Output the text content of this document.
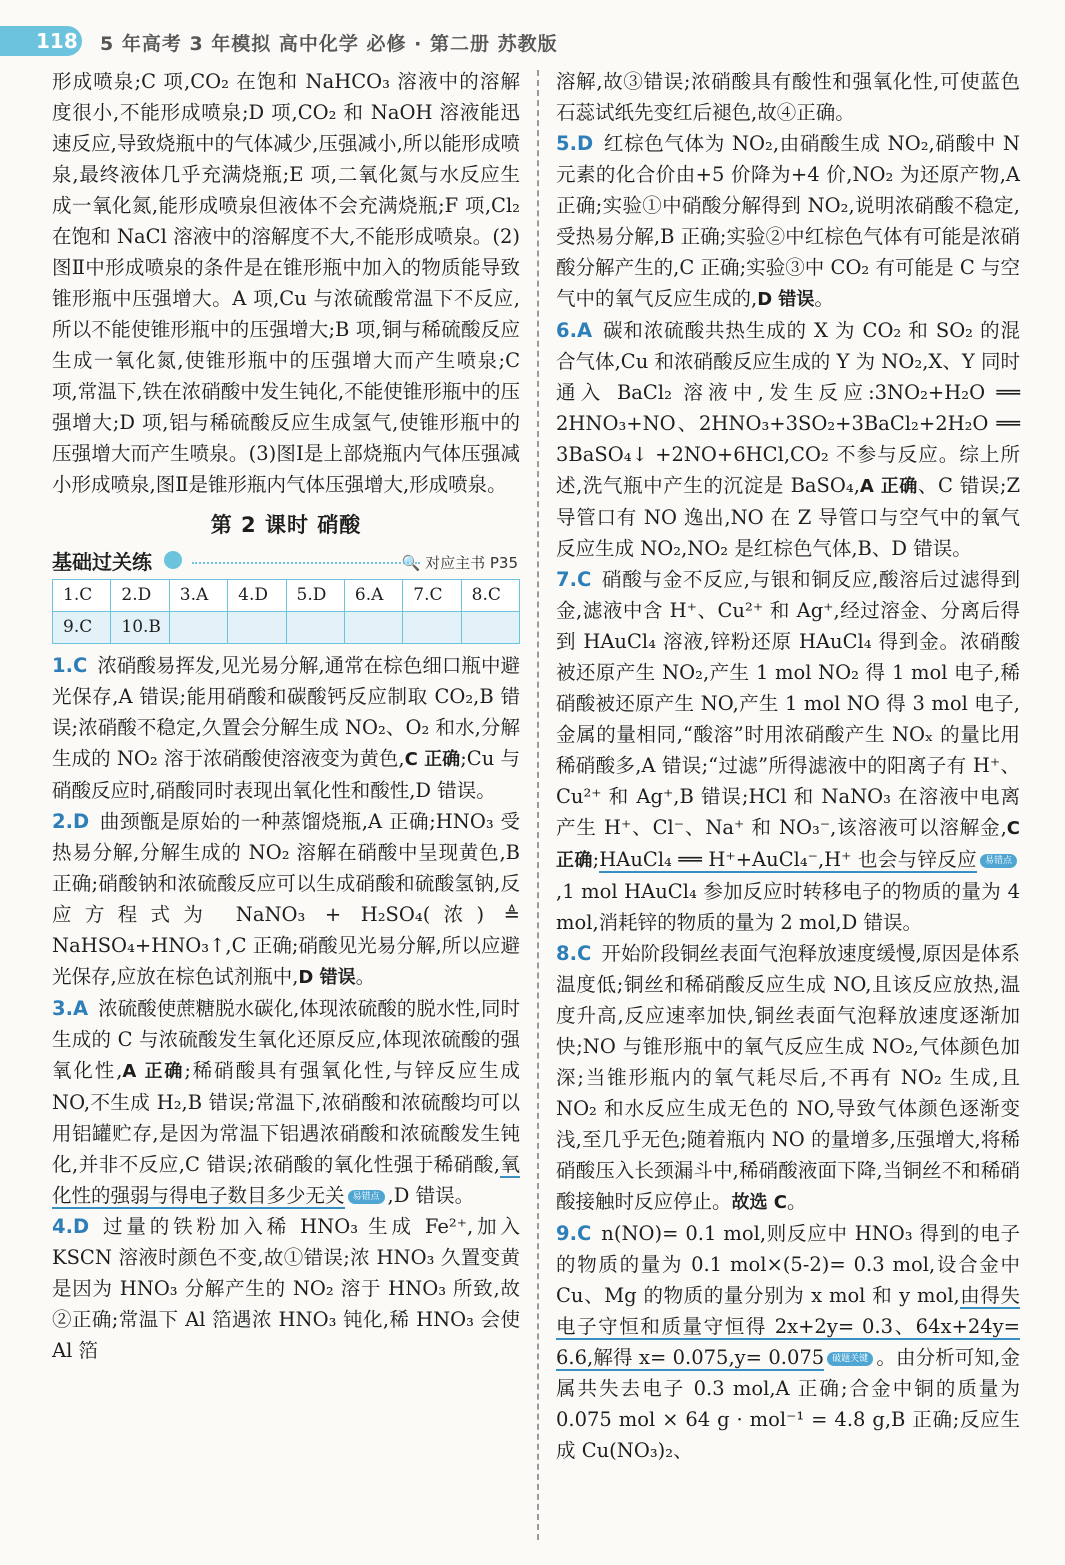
118 5 年高考 3 年模拟 高中化学 必修 · 第二册 苏教版

形成喷泉;C 项,CO₂ 在饱和 NaHCO₃ 溶液中的溶解度很小,不能形成喷泉;D 项,CO₂ 和 NaOH 溶液能迅速反应,导致烧瓶中的气体减少,压强减小,所以能形成喷泉,最终液体几乎充满烧瓶;E 项,二氧化氮与水反应生成一氧化氮,能形成喷泉但液体不会充满烧瓶;F 项,Cl₂ 在饱和 NaCl 溶液中的溶解度不大,不能形成喷泉。(2)图Ⅱ中形成喷泉的条件是在锥形瓶中加入的物质能导致锥形瓶中压强增大。A 项,Cu 与浓硫酸常温下不反应,所以不能使锥形瓶中的压强增大;B 项,铜与稀硫酸反应生成一氧化氮,使锥形瓶中的压强增大而产生喷泉;C 项,常温下,铁在浓硝酸中发生钝化,不能使锥形瓶中的压强增大;D 项,铝与稀硫酸反应生成氢气,使锥形瓶中的压强增大而产生喷泉。(3)图Ⅰ是上部烧瓶内气体压强减小形成喷泉,图Ⅱ是锥形瓶内气体压强增大,形成喷泉。

第 2 课时 硝酸
基础过关练	🔍 对应主书 P35
1.C	2.D	3.A	4.D	5.D	6.A	7.C	8.C
9.C	10.B						

1.C 浓硝酸易挥发,见光易分解,通常在棕色细口瓶中避光保存,A 错误;能用硝酸和碳酸钙反应制取 CO₂,B 错误;浓硝酸不稳定,久置会分解生成 NO₂、O₂ 和水,分解生成的 NO₂ 溶于浓硝酸使溶液变为黄色,C 正确;Cu 与硝酸反应时,硝酸同时表现出氧化性和酸性,D 错误。

2.D 曲颈甑是原始的一种蒸馏烧瓶,A 正确;HNO₃ 受热易分解,分解生成的 NO₂ 溶解在硝酸中呈现黄色,B 正确;硝酸钠和浓硫酸反应可以生成硝酸和硫酸氢钠,反应方程式为 NaNO₃ + H₂SO₄(浓) ≜ NaHSO₄+HNO₃↑,C 正确;硝酸见光易分解,所以应避光保存,应放在棕色试剂瓶中,D 错误。

3.A 浓硫酸使蔗糖脱水碳化,体现浓硫酸的脱水性,同时生成的 C 与浓硫酸发生氧化还原反应,体现浓硫酸的强氧化性,A 正确;稀硝酸具有强氧化性,与锌反应生成 NO,不生成 H₂,B 错误;常温下,浓硝酸和浓硫酸均可以用铝罐贮存,是因为常温下铝遇浓硝酸和浓硫酸发生钝化,并非不反应,C 错误;浓硝酸的氧化性强于稀硝酸,氧化性的强弱与得电子数目多少无关 易错点 ,D 错误。

4.D 过量的铁粉加入稀 HNO₃ 生成 Fe²⁺,加入 KSCN 溶液时颜色不变,故①错误;浓 HNO₃ 久置变黄是因为 HNO₃ 分解产生的 NO₂ 溶于 HNO₃ 所致,故②正确;常温下 Al 箔遇浓 HNO₃ 钝化,稀 HNO₃ 会使 Al 箔

溶解,故③错误;浓硝酸具有酸性和强氧化性,可使蓝色石蕊试纸先变红后褪色,故④正确。

5.D 红棕色气体为 NO₂,由硝酸生成 NO₂,硝酸中 N 元素的化合价由+5 价降为+4 价,NO₂ 为还原产物,A 正确;实验①中硝酸分解得到 NO₂,说明浓硝酸不稳定,受热易分解,B 正确;实验②中红棕色气体有可能是浓硝酸分解产生的,C 正确;实验③中 CO₂ 有可能是 C 与空气中的氧气反应生成的,D 错误。

6.A 碳和浓硫酸共热生成的 X 为 CO₂ 和 SO₂ 的混合气体,Cu 和浓硝酸反应生成的 Y 为 NO₂,X、Y 同时通入 BaCl₂ 溶液中,发生反应:3NO₂+H₂O ══ 2HNO₃+NO、2HNO₃+3SO₂+3BaCl₂+2H₂O ══ 3BaSO₄↓ +2NO+6HCl,CO₂ 不参与反应。综上所述,洗气瓶中产生的沉淀是 BaSO₄,A 正确、C 错误;Z 导管口有 NO 逸出,NO 在 Z 导管口与空气中的氧气反应生成 NO₂,NO₂ 是红棕色气体,B、D 错误。

7.C 硝酸与金不反应,与银和铜反应,酸溶后过滤得到金,滤液中含 H⁺、Cu²⁺ 和 Ag⁺,经过溶金、分离后得到 HAuCl₄ 溶液,锌粉还原 HAuCl₄ 得到金。浓硝酸被还原产生 NO₂,产生 1 mol NO₂ 得 1 mol 电子,稀硝酸被还原产生 NO,产生 1 mol NO 得 3 mol 电子,金属的量相同,“酸溶”时用浓硝酸产生 NOₓ 的量比用稀硝酸多,A 错误;“过滤”所得滤液中的阳离子有 H⁺、Cu²⁺ 和 Ag⁺,B 错误;HCl 和 NaNO₃ 在溶液中电离产生 H⁺、Cl⁻、Na⁺ 和 NO₃⁻,该溶液可以溶解金,C 正确;HAuCl₄ ══ H⁺+AuCl₄⁻,H⁺ 也会与锌反应 易错点,1 mol HAuCl₄ 参加反应时转移电子的物质的量为 4 mol,消耗锌的物质的量为 2 mol,D 错误。

8.C 开始阶段铜丝表面气泡释放速度缓慢,原因是体系温度低;铜丝和稀硝酸反应生成 NO,且该反应放热,温度升高,反应速率加快,铜丝表面气泡释放速度逐渐加快;NO 与锥形瓶中的氧气反应生成 NO₂,气体颜色加深;当锥形瓶内的氧气耗尽后,不再有 NO₂ 生成,且 NO₂ 和水反应生成无色的 NO,导致气体颜色逐渐变浅,至几乎无色;随着瓶内 NO 的量增多,压强增大,将稀硝酸压入长颈漏斗中,稀硝酸液面下降,当铜丝不和稀硝酸接触时反应停止。故选 C。

9.C n(NO)= 0.1 mol,则反应中 HNO₃ 得到的电子的物质的量为 0.1 mol×(5-2)= 0.3 mol,设合金中 Cu、Mg 的物质的量分别为 x mol 和 y mol,由得失电子守恒和质量守恒得 2x+2y= 0.3、64x+24y= 6.6,解得 x= 0.075,y= 0.075 破题关键 。由分析可知,金属共失去电子 0.3 mol,A 正确;合金中铜的质量为 0.075 mol × 64 g · mol⁻¹ = 4.8 g,B 正确;反应生成 Cu(NO₃)₂、
